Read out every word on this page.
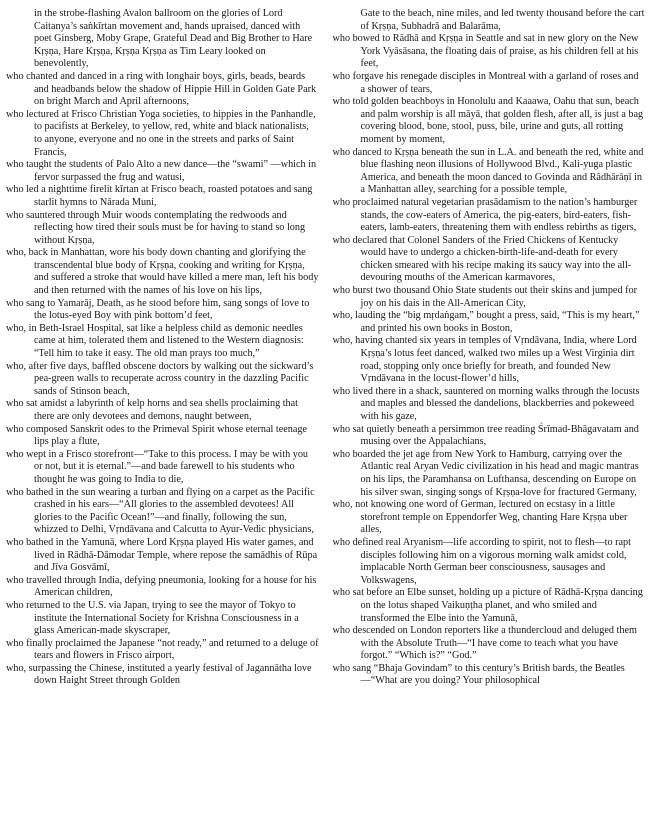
in the strobe-flashing Avalon ballroom on the glories of Lord Caitanya’s saṅkīrtan movement and, hands upraised, danced with poet Ginsberg, Moby Grape, Grateful Dead and Big Brother to Hare Kṛṣṇa, Hare Kṛṣṇa, Kṛṣṇa Kṛṣṇa as Tim Leary looked on benevolently,

who chanted and danced in a ring with longhair boys, girls, beads, beards and headbands below the shadow of Hippie Hill in Golden Gate Park on bright March and April afternoons,

who lectured at Frisco Christian Yoga societies, to hippies in the Panhandle, to pacifists at Berkeley, to yellow, red, white and black nationalists, to anyone, everyone and no one in the streets and parks of Saint Francis,

who taught the students of Palo Alto a new dance—the “swami” —which in fervor surpassed the frug and watusi,

who led a nighttime firelit kīrtan at Frisco beach, roasted potatoes and sang starlit hymns to Nārada Muni,

who sauntered through Muir woods contemplating the redwoods and reflecting how tired their souls must be for having to stand so long without Kṛṣṇa,

who, back in Manhattan, wore his body down chanting and glorifying the transcendental blue body of Kṛṣṇa, cooking and writing for Kṛṣṇa, and suffered a stroke that would have killed a mere man, left his body and then returned with the names of his love on his lips,

who sang to Yamarāj, Death, as he stood before him, sang songs of love to the lotus-eyed Boy with pink bottom’d feet,

who, in Beth-Israel Hospital, sat like a helpless child as demonic needles came at him, tolerated them and listened to the Western diagnosis: “Tell him to take it easy. The old man prays too much,”

who, after five days, baffled obscene doctors by walking out the sickward’s pea-green walls to recuperate across country in the dazzling Pacific sands of Stinson beach,

who sat amidst a labyrinth of kelp horns and sea shells proclaiming that there are only devotees and demons, naught between,

who composed Sanskrit odes to the Primeval Spirit whose eternal teenage lips play a flute,

who wept in a Frisco storefront—“Take to this process. I may be with you or not, but it is eternal.”—and bade farewell to his students who thought he was going to India to die,

who bathed in the sun wearing a turban and flying on a carpet as the Pacific crashed in his ears—“All glories to the assembled devotees! All glories to the Pacific Ocean!”—and finally, following the sun, whizzed to Delhi, Vṛndāvana and Calcutta to Ayur-Vedic physicians,

who bathed in the Yamunā, where Lord Kṛṣṇa played His water games, and lived in Rādhā-Dāmodar Temple, where repose the samādhis of Rūpa and Jīva Gosvāmī,

who travelled through India, defying pneumonia, looking for a house for his American children,

who returned to the U.S. via Japan, trying to see the mayor of Tokyo to institute the International Society for Krishna Consciousness in a glass American-made skyscraper,

who finally proclaimed the Japanese “not ready,” and returned to a deluge of tears and flowers in Frisco airport,

who, surpassing the Chinese, instituted a yearly festival of Jagannātha love down Haight Street through Golden

Gate to the beach, nine miles, and led twenty thousand before the cart of Kṛṣṇa, Subhadrā and Balarāma,

who bowed to Rādhā and Kṛṣṇa in Seattle and sat in new glory on the New York Vyāsāsana, the floating dais of praise, as his children fell at his feet,

who forgave his renegade disciples in Montreal with a garland of roses and a shower of tears,

who told golden beachboys in Honolulu and Kaaawa, Oahu that sun, beach and palm worship is all māyā, that golden flesh, after all, is just a bag covering blood, bone, stool, puss, bile, urine and guts, all rotting moment by moment,

who danced to Kṛṣṇa beneath the sun in L.A. and beneath the red, white and blue flashing neon illusions of Hollywood Blvd., Kali-yuga plastic America, and beneath the moon danced to Govinda and Rādhārāṇī in a Manhattan alley, searching for a possible temple,

who proclaimed natural vegetarian prasādamism to the nation’s hamburger stands, the cow-eaters of America, the pig-eaters, bird-eaters, fish-eaters, lamb-eaters, threatening them with endless rebirths as tigers,

who declared that Colonel Sanders of the Fried Chickens of Kentucky would have to undergo a chicken-birth-life-and-death for every chicken smeared with his recipe making its saucy way into the all-devouring mouths of the American karmavores,

who burst two thousand Ohio State students out their skins and jumped for joy on his dais in the All-American City,

who, lauding the “big mṛdaṅgam,” bought a press, said, “This is my heart,” and printed his own books in Boston,

who, having chanted six years in temples of Vṛndāvana, India, where Lord Kṛṣṇa’s lotus feet danced, walked two miles up a West Virginia dirt road, stopping only once briefly for breath, and founded New Vṛndāvana in the locust-flower’d hills,

who lived there in a shack, sauntered on morning walks through the locusts and maples and blessed the dandelions, blackberries and pokeweed with his gaze,

who sat quietly beneath a persimmon tree reading Śrīmad-Bhāgavatam and musing over the Appalachians,

who boarded the jet age from New York to Hamburg, carrying over the Atlantic real Aryan Vedic civilization in his head and magic mantras on his lips, the Paramhansa on Lufthansa, descending on Europe on his silver swan, singing songs of Kṛṣṇa-love for fractured Germany,

who, not knowing one word of German, lectured on ecstasy in a little storefront temple on Eppendorfer Weg, chanting Hare Kṛṣṇa uber alles,

who defined real Aryanism—life according to spirit, not to flesh—to rapt disciples following him on a vigorous morning walk amidst cold, implacable North German beer consciousness, sausages and Volkswagens,

who sat before an Elbe sunset, holding up a picture of Rādhā-Kṛṣṇa dancing on the lotus shaped Vaikuṇṭha planet, and who smiled and transformed the Elbe into the Yamunā,

who descended on London reporters like a thundercloud and deluged them with the Absolute Truth—“I have come to teach what you have forgot.” “Which is?” “God.”

who sang “Bhaja Govindam” to this century’s British bards, the Beatles—“What are you doing? Your philosophical
